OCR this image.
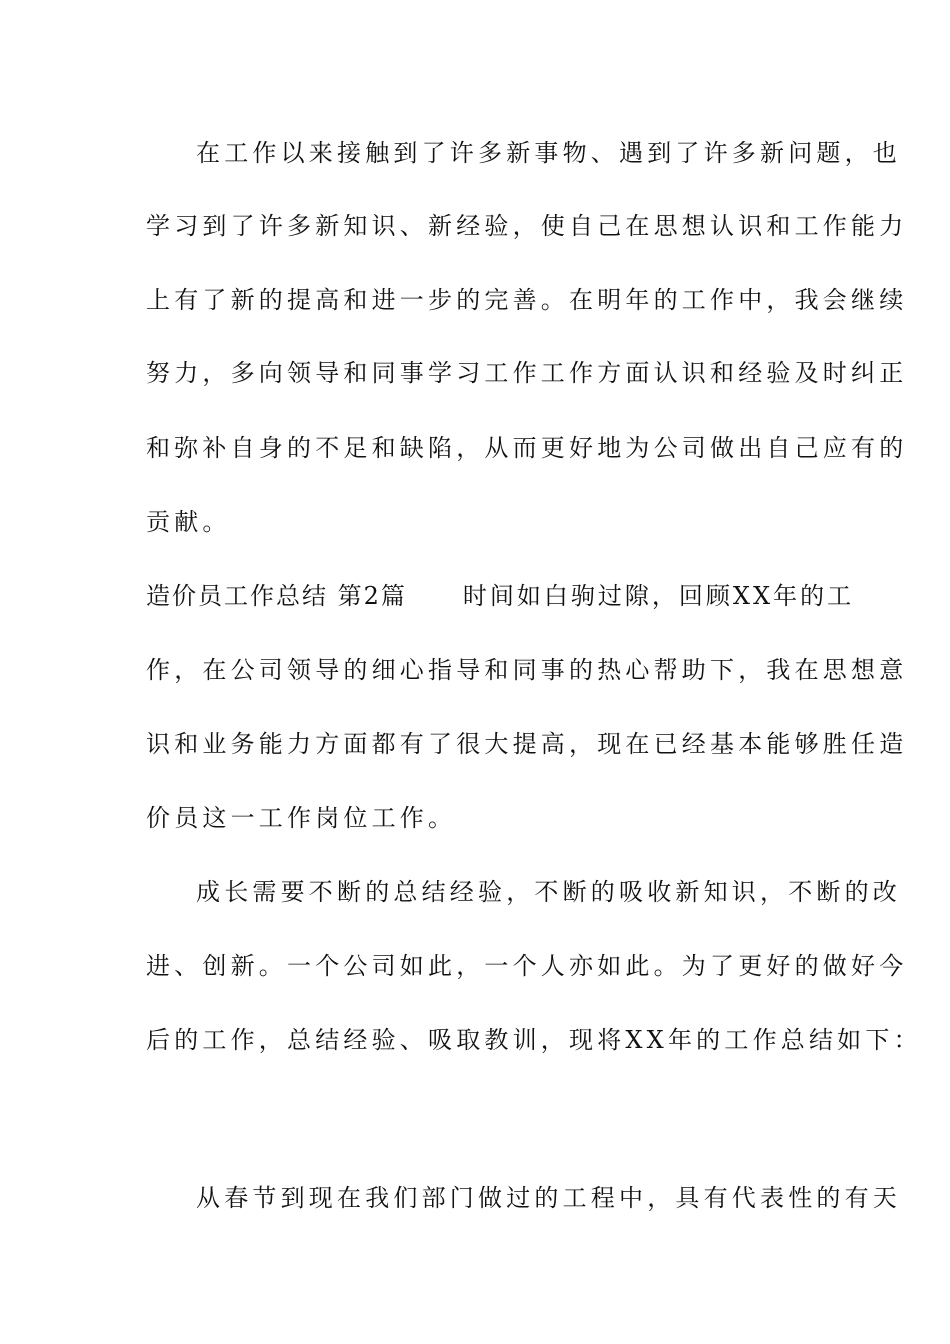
在工作以来接触到了许多新事物、遇到了许多新问题，也
学习到了许多新知识、新经验，使自己在思想认识和工作能力
上有了新的提高和进一步的完善。在明年的工作中，我会继续
努力，多向领导和同事学习工作工作方面认识和经验及时纠正
和弥补自身的不足和缺陷，从而更好地为公司做出自己应有的
贡献。
造价员工作总结 第2篇 时间如白驹过隙，回顾XX年的工
作，在公司领导的细心指导和同事的热心帮助下，我在思想意
识和业务能力方面都有了很大提高，现在已经基本能够胜任造
价员这一工作岗位工作。
成长需要不断的总结经验，不断的吸收新知识，不断的改
进、创新。一个公司如此，一个人亦如此。为了更好的做好今
后的工作，总结经验、吸取教训，现将XX年的工作总结如下：
从春节到现在我们部门做过的工程中，具有代表性的有天
